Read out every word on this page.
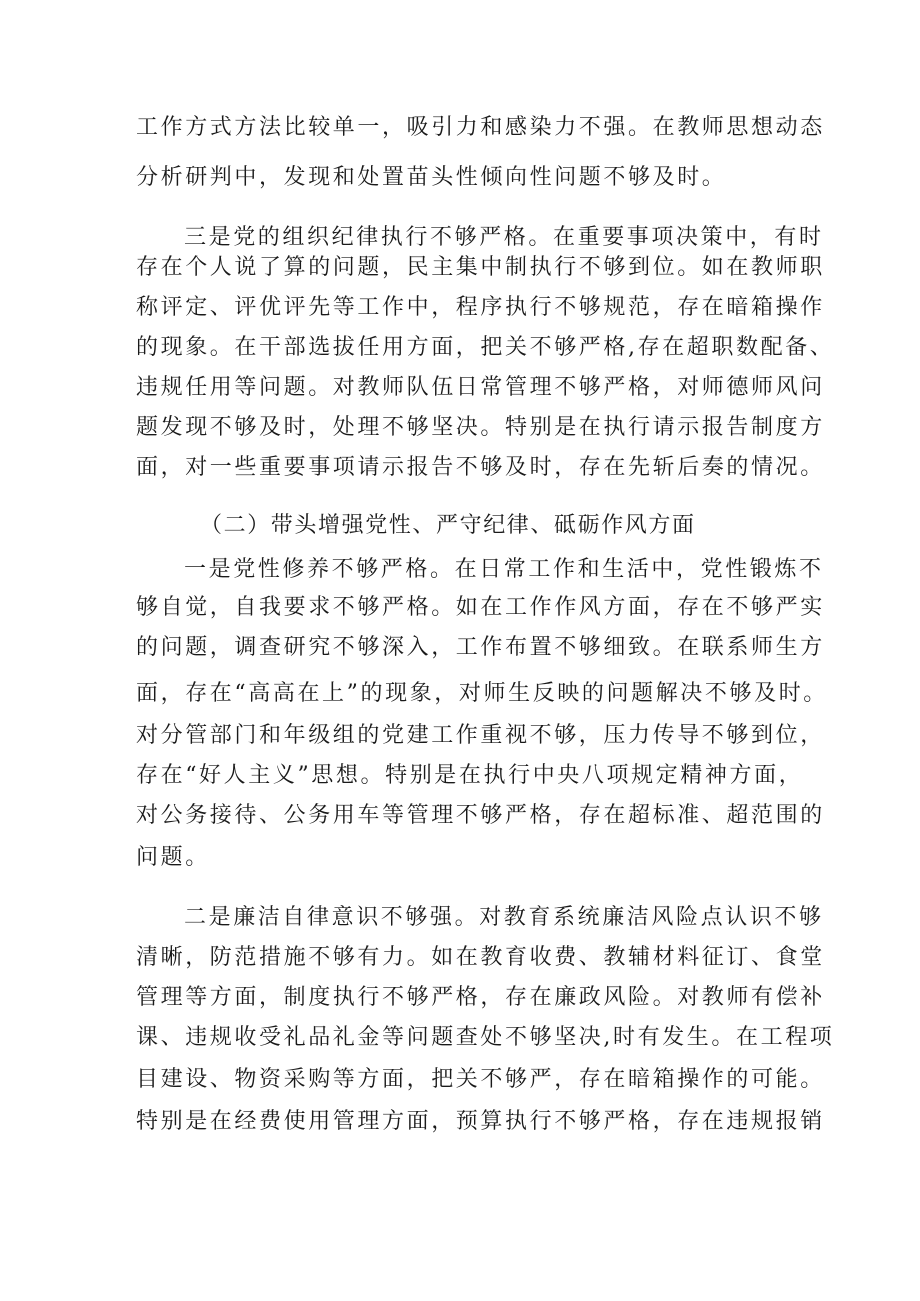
工作方式方法比较单一，吸引力和感染力不强。在教师思想动态
分析研判中，发现和处置苗头性倾向性问题不够及时。
三是党的组织纪律执行不够严格。在重要事项决策中，有时
存在个人说了算的问题，民主集中制执行不够到位。如在教师职
称评定、评优评先等工作中，程序执行不够规范，存在暗箱操作
的现象。在干部选拔任用方面，把关不够严格,存在超职数配备、
违规任用等问题。对教师队伍日常管理不够严格，对师德师风问
题发现不够及时，处理不够坚决。特别是在执行请示报告制度方
面，对一些重要事项请示报告不够及时，存在先斩后奏的情况。
（二）带头增强党性、严守纪律、砥砺作风方面
一是党性修养不够严格。在日常工作和生活中，党性锻炼不
够自觉，自我要求不够严格。如在工作作风方面，存在不够严实
的问题，调查研究不够深入，工作布置不够细致。在联系师生方
面，存在“高高在上”的现象，对师生反映的问题解决不够及时。
对分管部门和年级组的党建工作重视不够，压力传导不够到位，
存在“好人主义”思想。特别是在执行中央八项规定精神方面，
对公务接待、公务用车等管理不够严格，存在超标准、超范围的
问题。
二是廉洁自律意识不够强。对教育系统廉洁风险点认识不够
清晰，防范措施不够有力。如在教育收费、教辅材料征订、食堂
管理等方面，制度执行不够严格，存在廉政风险。对教师有偿补
课、违规收受礼品礼金等问题查处不够坚决,时有发生。在工程项
目建设、物资采购等方面，把关不够严，存在暗箱操作的可能。
特别是在经费使用管理方面，预算执行不够严格，存在违规报销
